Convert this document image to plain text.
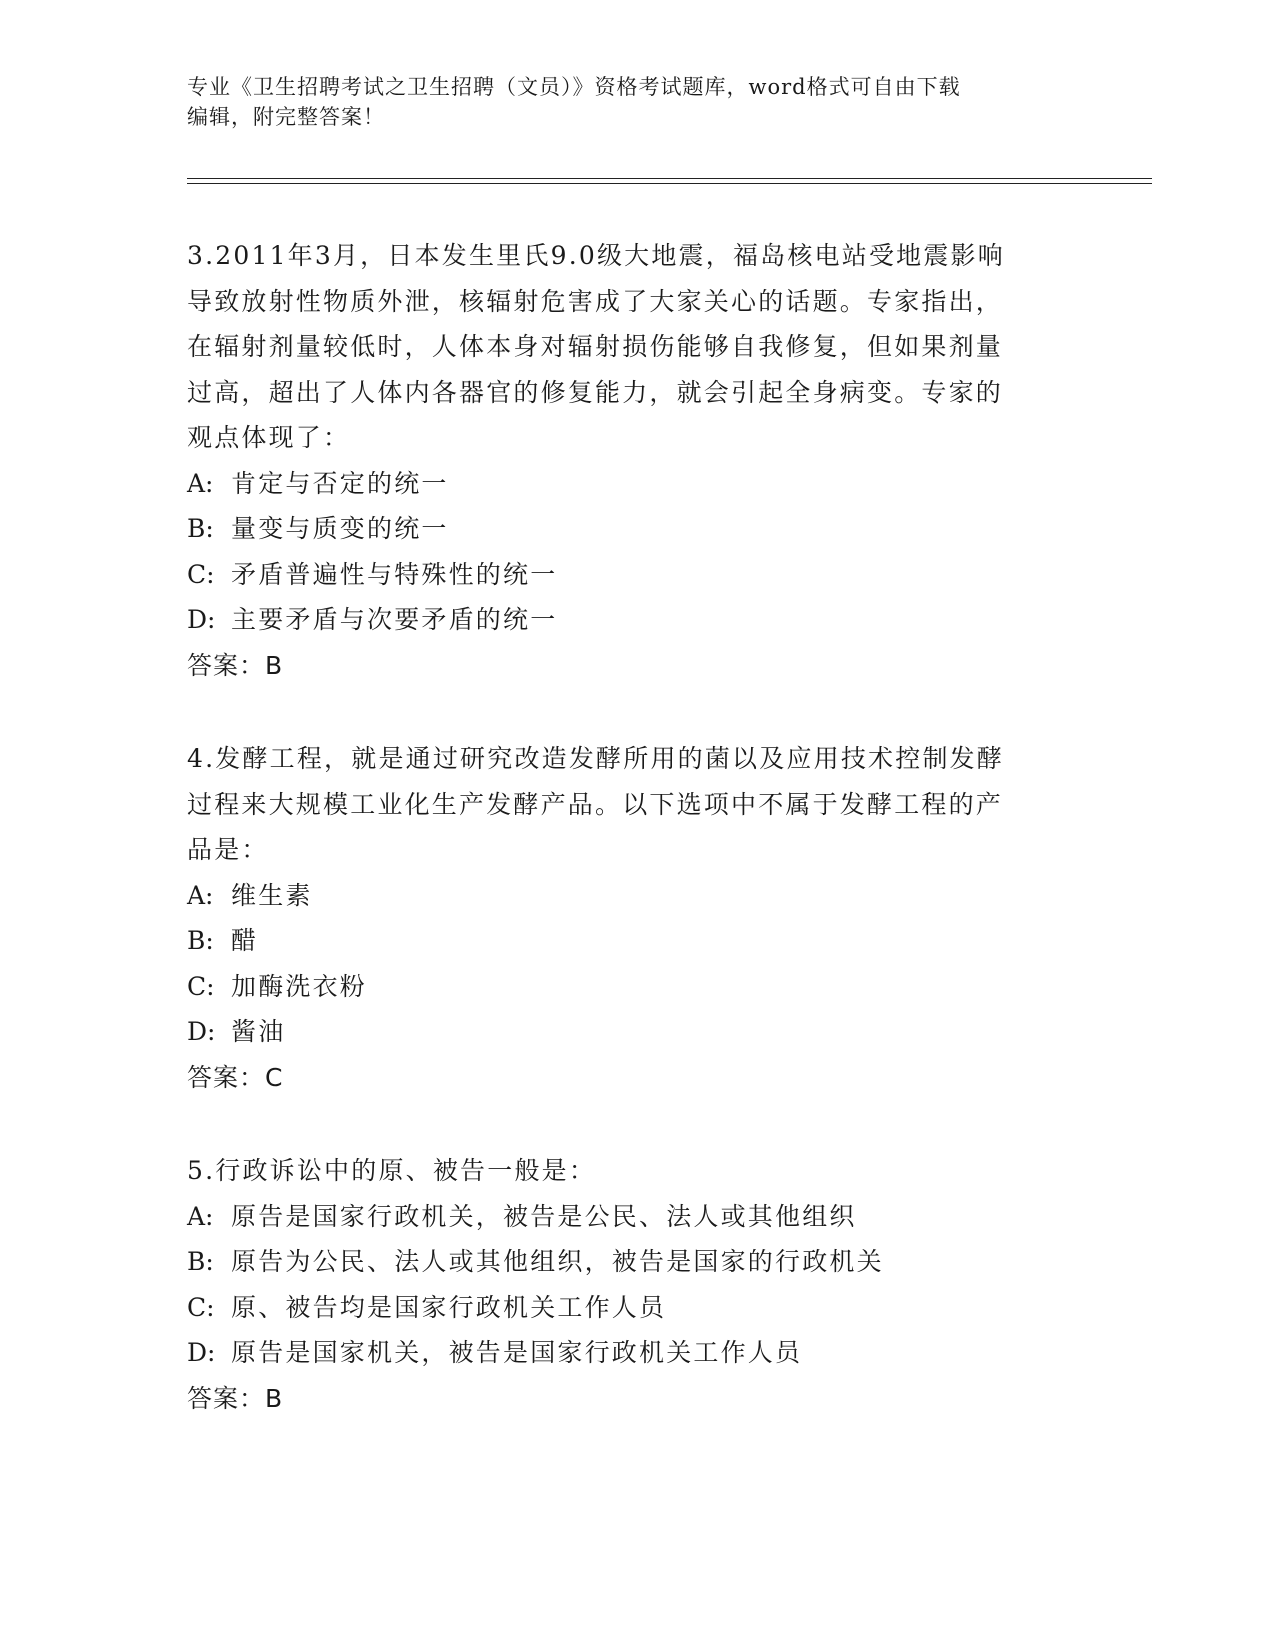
专业《卫生招聘考试之卫生招聘（文员）》资格考试题库，word格式可自由下载
编辑，附完整答案！
3.2011年3月，日本发生里氏9.0级大地震，福岛核电站受地震影响
导致放射性物质外泄，核辐射危害成了大家关心的话题。专家指出，
在辐射剂量较低时，人体本身对辐射损伤能够自我修复，但如果剂量
过高，超出了人体内各器官的修复能力，就会引起全身病变。专家的
观点体现了：
A: 肯定与否定的统一
B: 量变与质变的统一
C: 矛盾普遍性与特殊性的统一
D: 主要矛盾与次要矛盾的统一
答案：B
4.发酵工程，就是通过研究改造发酵所用的菌以及应用技术控制发酵
过程来大规模工业化生产发酵产品。以下选项中不属于发酵工程的产
品是：
A: 维生素
B: 醋
C: 加酶洗衣粉
D: 酱油
答案：C
5.行政诉讼中的原、被告一般是：
A: 原告是国家行政机关，被告是公民、法人或其他组织
B: 原告为公民、法人或其他组织，被告是国家的行政机关
C: 原、被告均是国家行政机关工作人员
D: 原告是国家机关，被告是国家行政机关工作人员
答案：B
